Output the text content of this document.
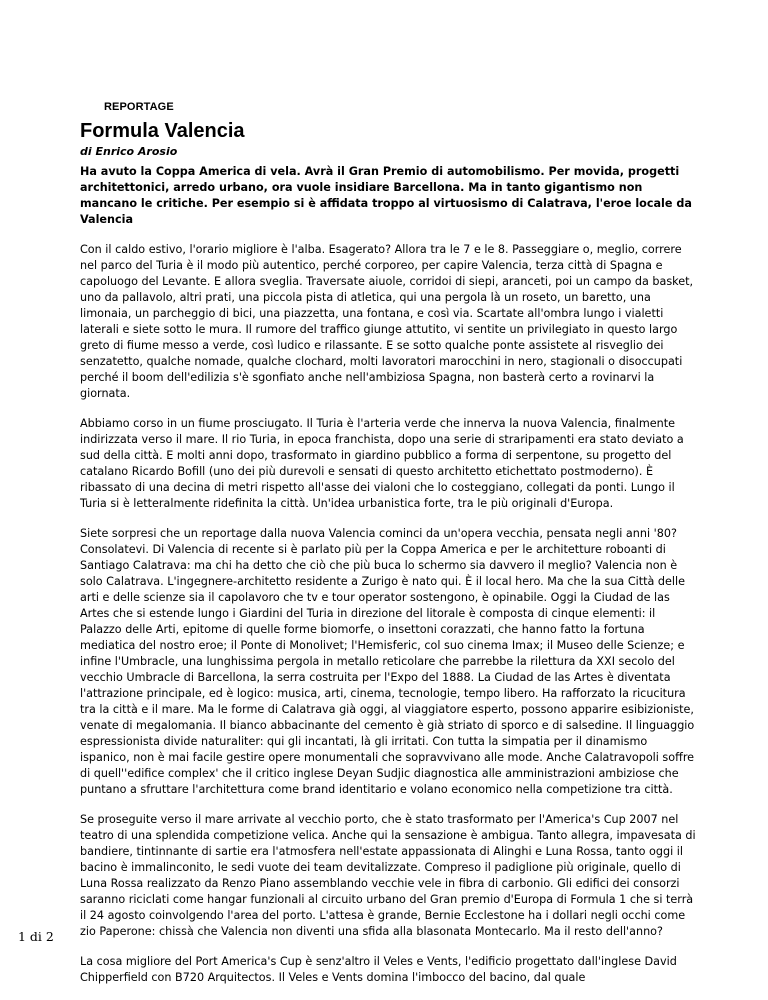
REPORTAGE
Formula Valencia
di Enrico Arosio

Ha avuto la Coppa America di vela. Avrà il Gran Premio di automobilismo. Per movida, progetti architettonici, arredo urbano, ora vuole insidiare Barcellona. Ma in tanto gigantismo non mancano le critiche. Per esempio si è affidata troppo al virtuosismo di Calatrava, l'eroe locale da Valencia

Con il caldo estivo, l'orario migliore è l'alba. Esagerato? Allora tra le 7 e le 8. Passeggiare o, meglio, correre nel parco del Turia è il modo più autentico, perché corporeo, per capire Valencia, terza città di Spagna e capoluogo del Levante. E allora sveglia. Traversate aiuole, corridoi di siepi, aranceti, poi un campo da basket, uno da pallavolo, altri prati, una piccola pista di atletica, qui una pergola là un roseto, un baretto, una limonaia, un parcheggio di bici, una piazzetta, una fontana, e così via. Scartate all'ombra lungo i vialetti laterali e siete sotto le mura. Il rumore del traffico giunge attutito, vi sentite un privilegiato in questo largo greto di fiume messo a verde, così ludico e rilassante. E se sotto qualche ponte assistete al risveglio dei senzatetto, qualche nomade, qualche clochard, molti lavoratori marocchini in nero, stagionali o disoccupati perché il boom dell'edilizia s'è sgonfiato anche nell'ambiziosa Spagna, non basterà certo a rovinarvi la giornata.

Abbiamo corso in un fiume prosciugato. Il Turia è l'arteria verde che innerva la nuova Valencia, finalmente indirizzata verso il mare. Il rio Turia, in epoca franchista, dopo una serie di straripamenti era stato deviato a sud della città. E molti anni dopo, trasformato in giardino pubblico a forma di serpentone, su progetto del catalano Ricardo Bofill (uno dei più durevoli e sensati di questo architetto etichettato postmoderno). È ribassato di una decina di metri rispetto all'asse dei vialoni che lo costeggiano, collegati da ponti. Lungo il Turia si è letteralmente ridefinita la città. Un'idea urbanistica forte, tra le più originali d'Europa.

Siete sorpresi che un reportage dalla nuova Valencia cominci da un'opera vecchia, pensata negli anni '80? Consolatevi. Di Valencia di recente si è parlato più per la Coppa America e per le architetture roboanti di Santiago Calatrava: ma chi ha detto che ciò che più buca lo schermo sia davvero il meglio? Valencia non è solo Calatrava. L'ingegnere-architetto residente a Zurigo è nato qui. È il local hero. Ma che la sua Città delle arti e delle scienze sia il capolavoro che tv e tour operator sostengono, è opinabile. Oggi la Ciudad de las Artes che si estende lungo i Giardini del Turia in direzione del litorale è composta di cinque elementi: il Palazzo delle Arti, epitome di quelle forme biomorfe, o insettoni corazzati, che hanno fatto la fortuna mediatica del nostro eroe; il Ponte di Monolivet; l'Hemisferic, col suo cinema Imax; il Museo delle Scienze; e infine l'Umbracle, una lunghissima pergola in metallo reticolare che parrebbe la rilettura da XXI secolo del vecchio Umbracle di Barcellona, la serra costruita per l'Expo del 1888. La Ciudad de las Artes è diventata l'attrazione principale, ed è logico: musica, arti, cinema, tecnologie, tempo libero. Ha rafforzato la ricucitura tra la città e il mare. Ma le forme di Calatrava già oggi, al viaggiatore esperto, possono apparire esibizioniste, venate di megalomania. Il bianco abbacinante del cemento è già striato di sporco e di salsedine. Il linguaggio espressionista divide naturaliter: qui gli incantati, là gli irritati. Con tutta la simpatia per il dinamismo ispanico, non è mai facile gestire opere monumentali che sopravvivano alle mode. Anche Calatravopoli soffre di quell''edifice complex' che il critico inglese Deyan Sudjic diagnostica alle amministrazioni ambiziose che puntano a sfruttare l'architettura come brand identitario e volano economico nella competizione tra città.

Se proseguite verso il mare arrivate al vecchio porto, che è stato trasformato per l'America's Cup 2007 nel teatro di una splendida competizione velica. Anche qui la sensazione è ambigua. Tanto allegra, impavesata di bandiere, tintinnante di sartie era l'atmosfera nell'estate appassionata di Alinghi e Luna Rossa, tanto oggi il bacino è immalinconito, le sedi vuote dei team devitalizzate. Compreso il padiglione più originale, quello di Luna Rossa realizzato da Renzo Piano assemblando vecchie vele in fibra di carbonio. Gli edifici dei consorzi saranno riciclati come hangar funzionali al circuito urbano del Gran premio d'Europa di Formula 1 che si terrà il 24 agosto coinvolgendo l'area del porto. L'attesa è grande, Bernie Ecclestone ha i dollari negli occhi come zio Paperone: chissà che Valencia non diventi una sfida alla blasonata Montecarlo. Ma il resto dell'anno?

La cosa migliore del Port America's Cup è senz'altro il Veles e Vents, l'edificio progettato dall'inglese David Chipperfield con B720 Arquitectos. Il Veles e Vents domina l'imbocco del bacino, dal quale

1 di 2
